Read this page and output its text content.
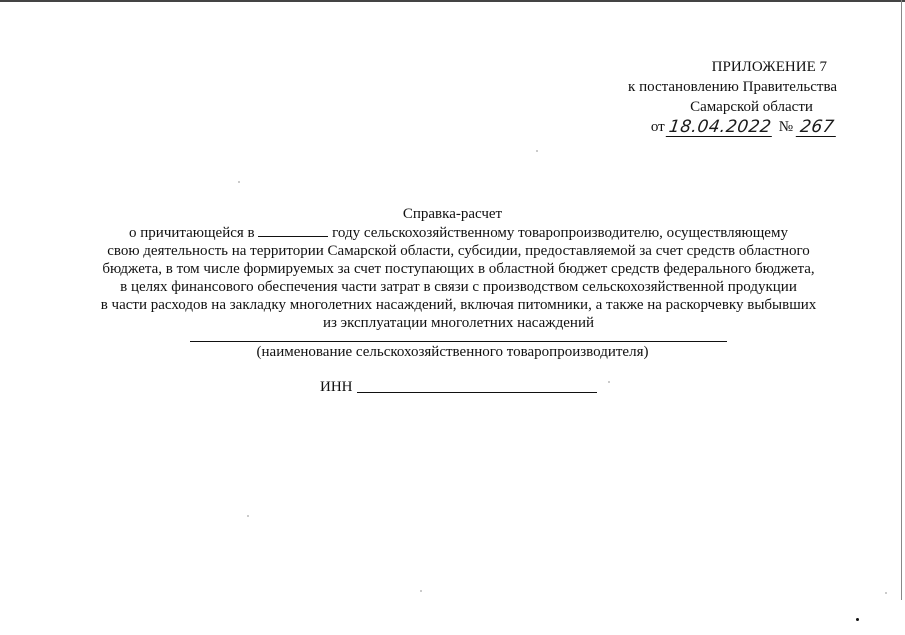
ПРИЛОЖЕНИЕ 7
к постановлению Правительства
Самарской области
от 18.04.2022 № 267
Справка-расчет
о причитающейся в	году сельскохозяйственному товаропроизводителю, осуществляющему
свою деятельность на территории Самарской области, субсидии, предоставляемой за счет средств областного
бюджета, в том числе формируемых за счет поступающих в областной бюджет средств федерального бюджета,
в целях финансового обеспечения части затрат в связи с производством сельскохозяйственной продукции
в части расходов на закладку многолетних насаждений, включая питомники, а также на раскорчевку выбывших
из эксплуатации многолетних насаждений
(наименование сельскохозяйственного товаропроизводителя)
ИНН
